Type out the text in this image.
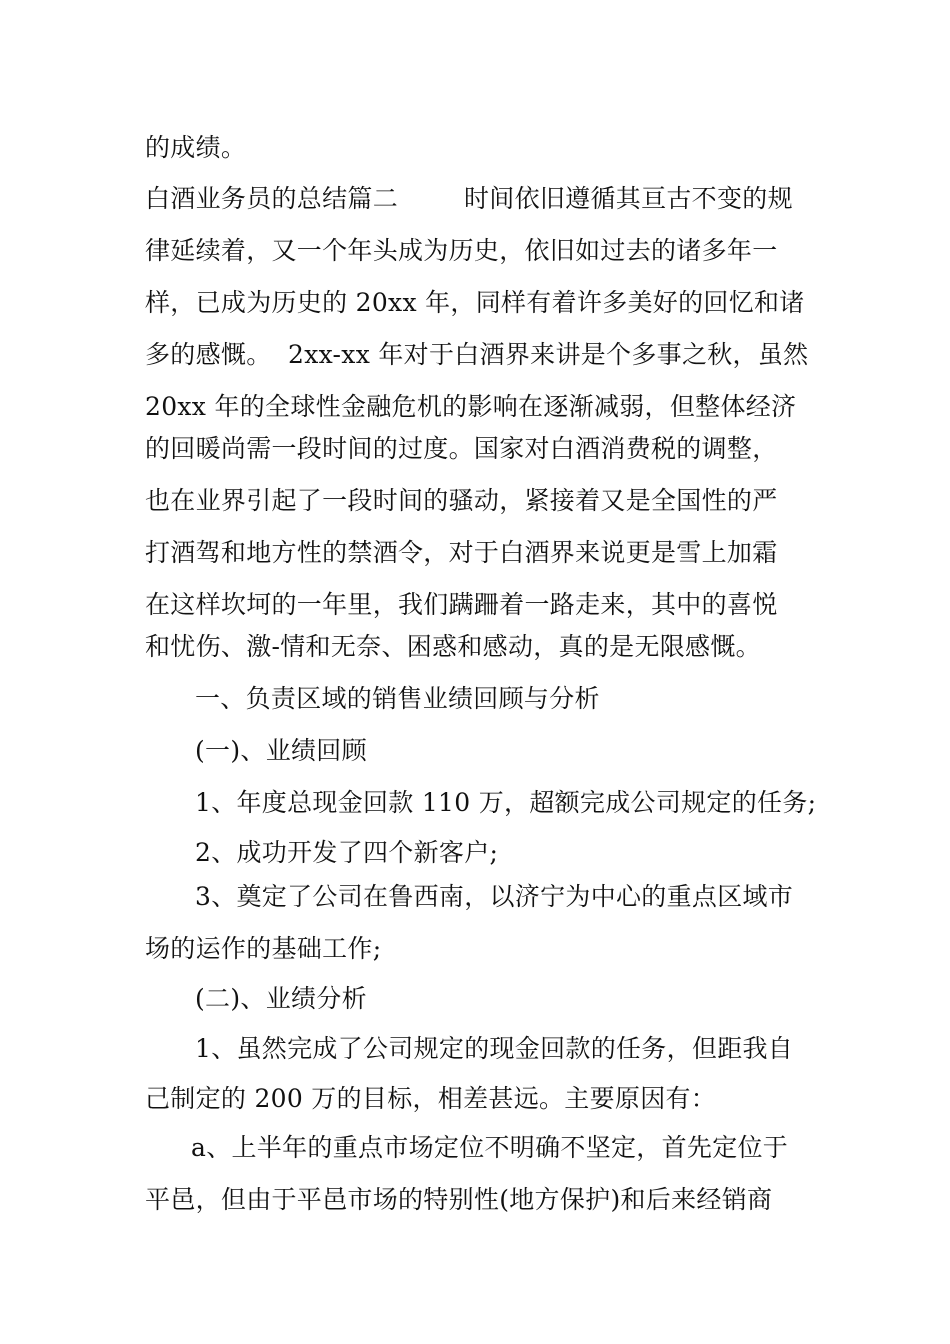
的成绩。
白酒业务员的总结篇二        时间依旧遵循其亘古不变的规
律延续着，又一个年头成为历史，依旧如过去的诸多年一
样，已成为历史的 20xx 年，同样有着许多美好的回忆和诸
多的感慨。  2xx-xx 年对于白酒界来讲是个多事之秋，虽然
20xx 年的全球性金融危机的影响在逐渐减弱，但整体经济
的回暖尚需一段时间的过度。国家对白酒消费税的调整，
也在业界引起了一段时间的骚动，紧接着又是全国性的严
打酒驾和地方性的禁酒令，对于白酒界来说更是雪上加霜
在这样坎坷的一年里，我们蹒跚着一路走来，其中的喜悦
和忧伤、激-情和无奈、困惑和感动，真的是无限感慨。
一、负责区域的销售业绩回顾与分析
(一)、业绩回顾
1、年度总现金回款 110 万，超额完成公司规定的任务;
2、成功开发了四个新客户;
3、奠定了公司在鲁西南，以济宁为中心的重点区域市
场的运作的基础工作;
(二)、业绩分析
1、虽然完成了公司规定的现金回款的任务，但距我自
己制定的 200 万的目标，相差甚远。主要原因有：
a、上半年的重点市场定位不明确不坚定，首先定位于
平邑，但由于平邑市场的特别性(地方保护)和后来经销商
